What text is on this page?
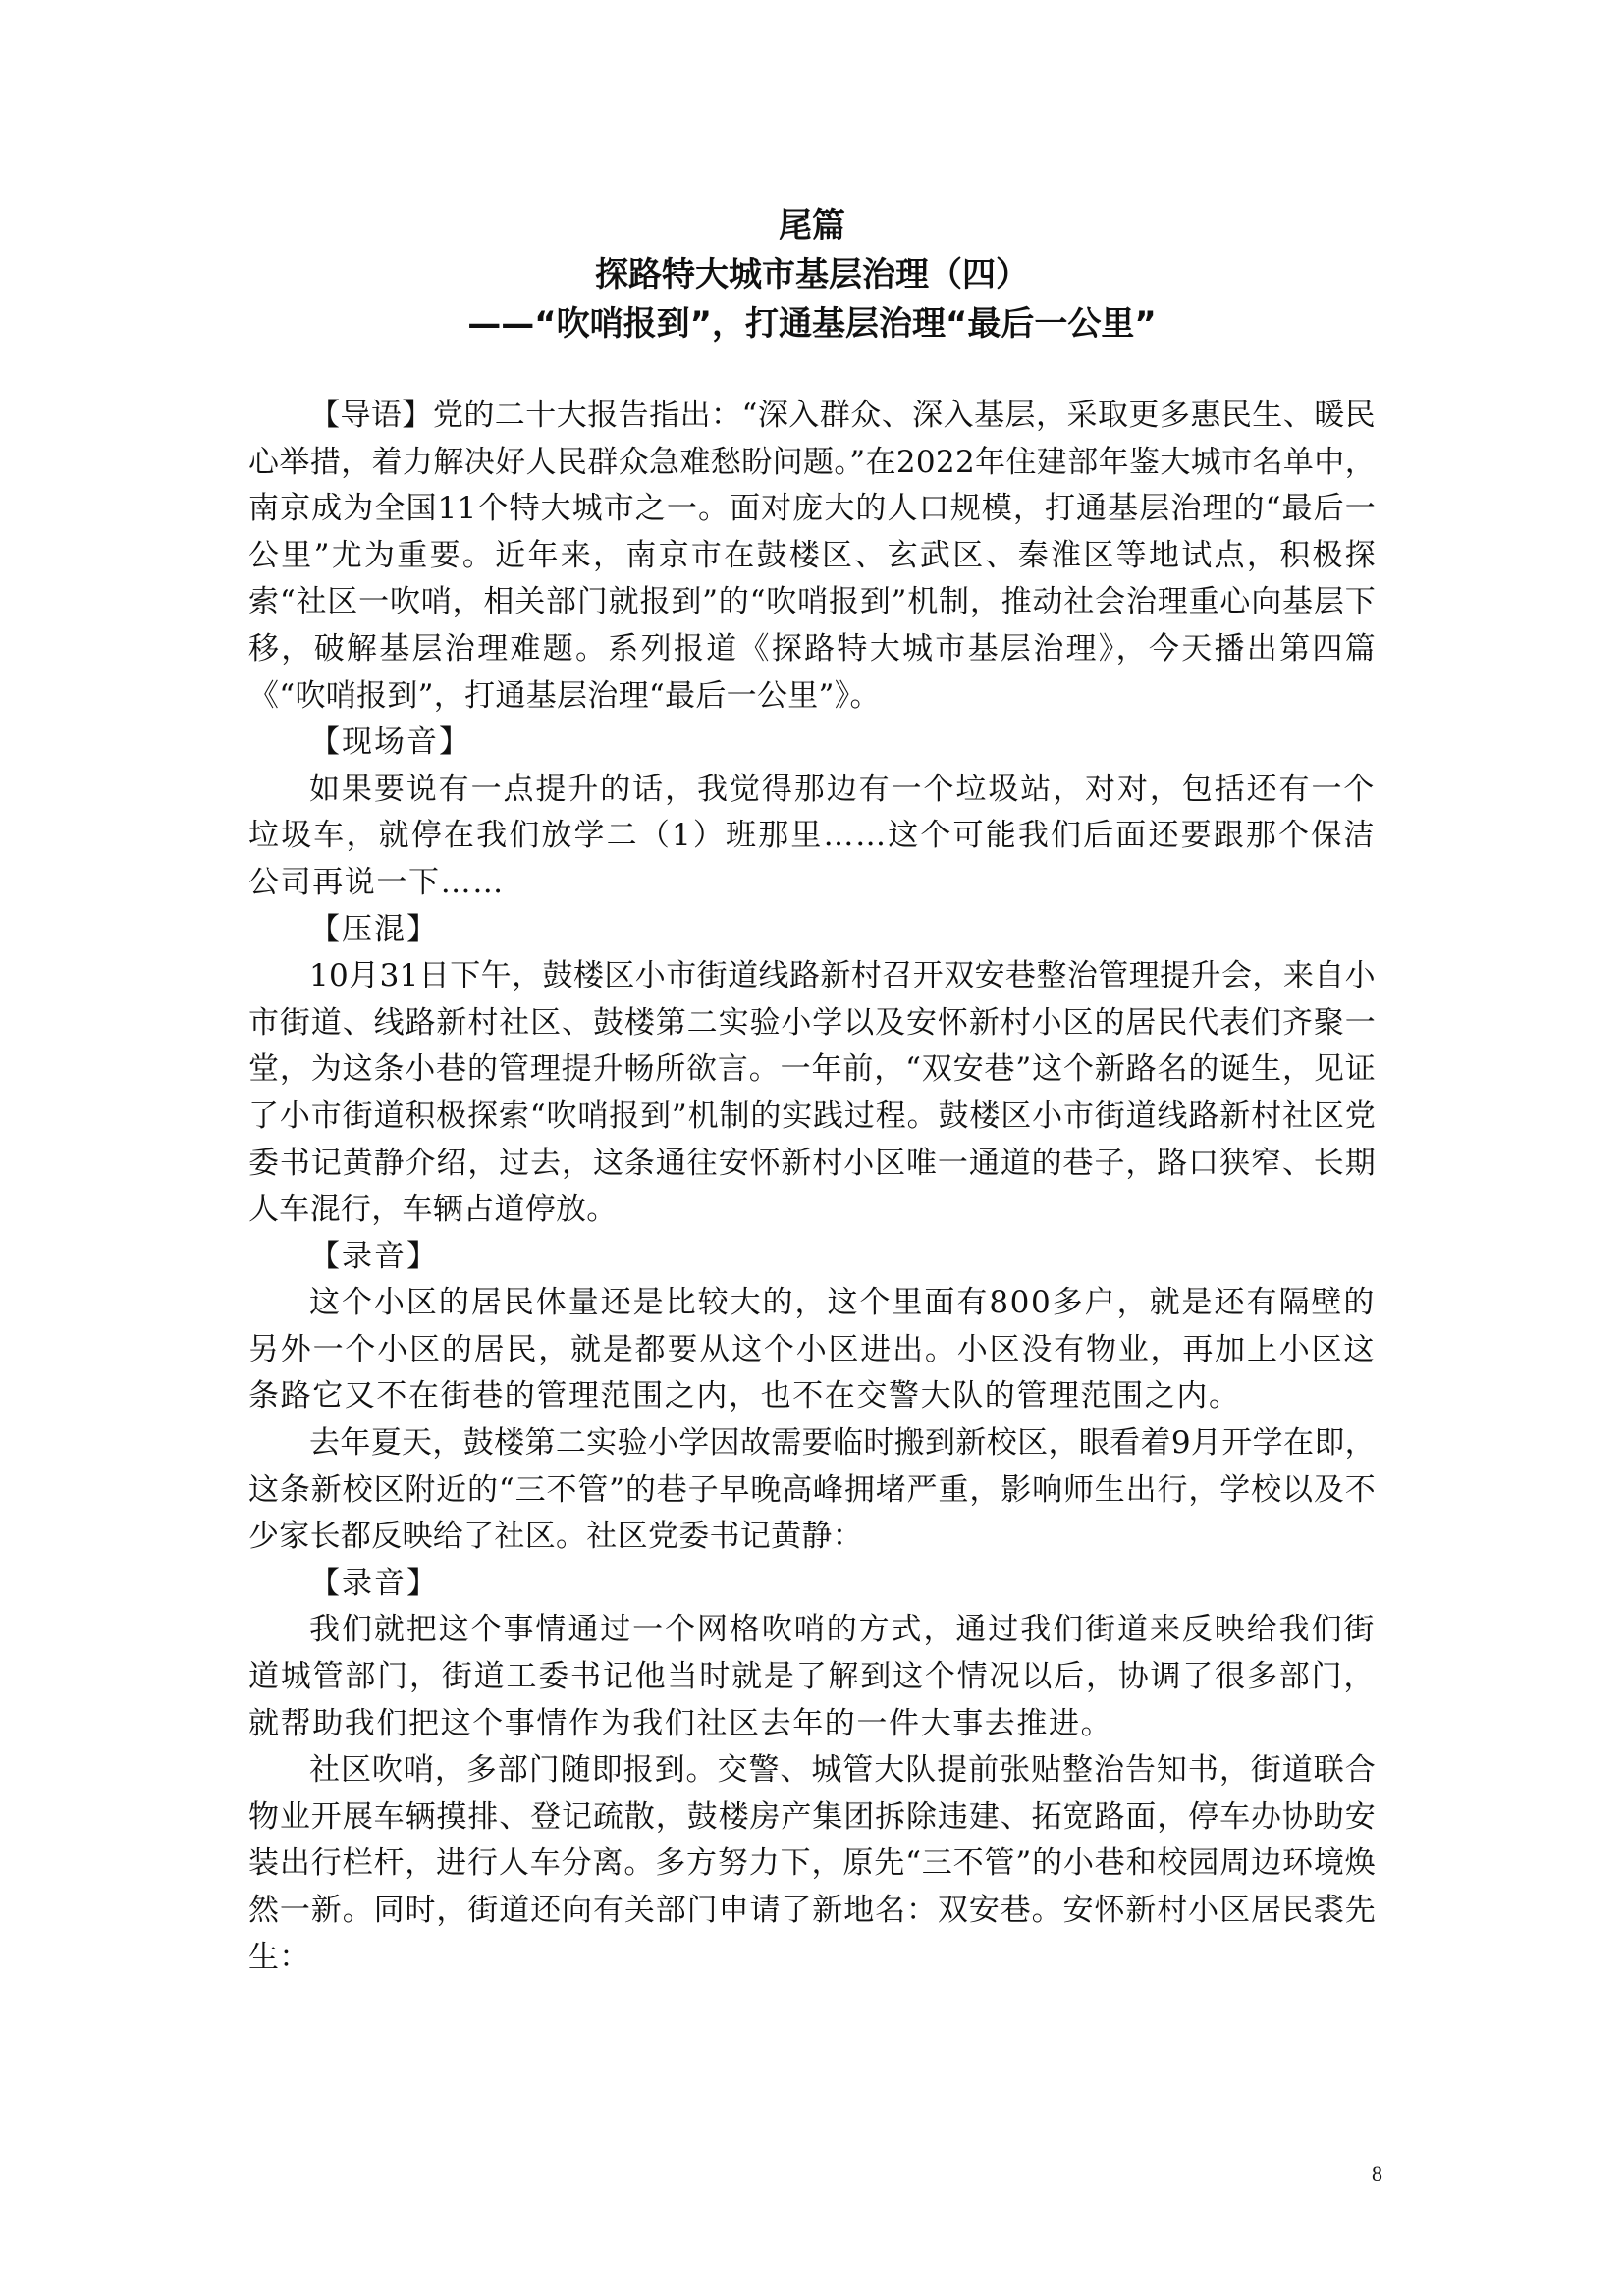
尾篇
探路特大城市基层治理（四）
——“吹哨报到”，打通基层治理“最后一公里”

【导语】党的二十大报告指出：“深入群众、深入基层，采取更多惠民生、暖民心举措，着力解决好人民群众急难愁盼问题。”在2022年住建部年鉴大城市名单中，南京成为全国11个特大城市之一。面对庞大的人口规模，打通基层治理的“最后一公里”尤为重要。近年来，南京市在鼓楼区、玄武区、秦淮区等地试点，积极探索“社区一吹哨，相关部门就报到”的“吹哨报到”机制，推动社会治理重心向基层下移，破解基层治理难题。系列报道《探路特大城市基层治理》，今天播出第四篇《“吹哨报到”，打通基层治理“最后一公里”》。

【现场音】

如果要说有一点提升的话，我觉得那边有一个垃圾站，对对，包括还有一个垃圾车，就停在我们放学二（1）班那里……这个可能我们后面还要跟那个保洁公司再说一下……

【压混】

10月31日下午，鼓楼区小市街道线路新村召开双安巷整治管理提升会，来自小市街道、线路新村社区、鼓楼第二实验小学以及安怀新村小区的居民代表们齐聚一堂，为这条小巷的管理提升畅所欲言。一年前，“双安巷”这个新路名的诞生，见证了小市街道积极探索“吹哨报到”机制的实践过程。鼓楼区小市街道线路新村社区党委书记黄静介绍，过去，这条通往安怀新村小区唯一通道的巷子，路口狭窄、长期人车混行，车辆占道停放。

【录音】

这个小区的居民体量还是比较大的，这个里面有800多户，就是还有隔壁的另外一个小区的居民，就是都要从这个小区进出。小区没有物业，再加上小区这条路它又不在街巷的管理范围之内，也不在交警大队的管理范围之内。

去年夏天，鼓楼第二实验小学因故需要临时搬到新校区，眼看着9月开学在即，这条新校区附近的“三不管”的巷子早晚高峰拥堵严重，影响师生出行，学校以及不少家长都反映给了社区。社区党委书记黄静：

【录音】

我们就把这个事情通过一个网格吹哨的方式，通过我们街道来反映给我们街道城管部门，街道工委书记他当时就是了解到这个情况以后，协调了很多部门，就帮助我们把这个事情作为我们社区去年的一件大事去推进。

社区吹哨，多部门随即报到。交警、城管大队提前张贴整治告知书，街道联合物业开展车辆摸排、登记疏散，鼓楼房产集团拆除违建、拓宽路面，停车办协助安装出行栏杆，进行人车分离。多方努力下，原先“三不管”的小巷和校园周边环境焕然一新。同时，街道还向有关部门申请了新地名：双安巷。安怀新村小区居民裘先生：

8
